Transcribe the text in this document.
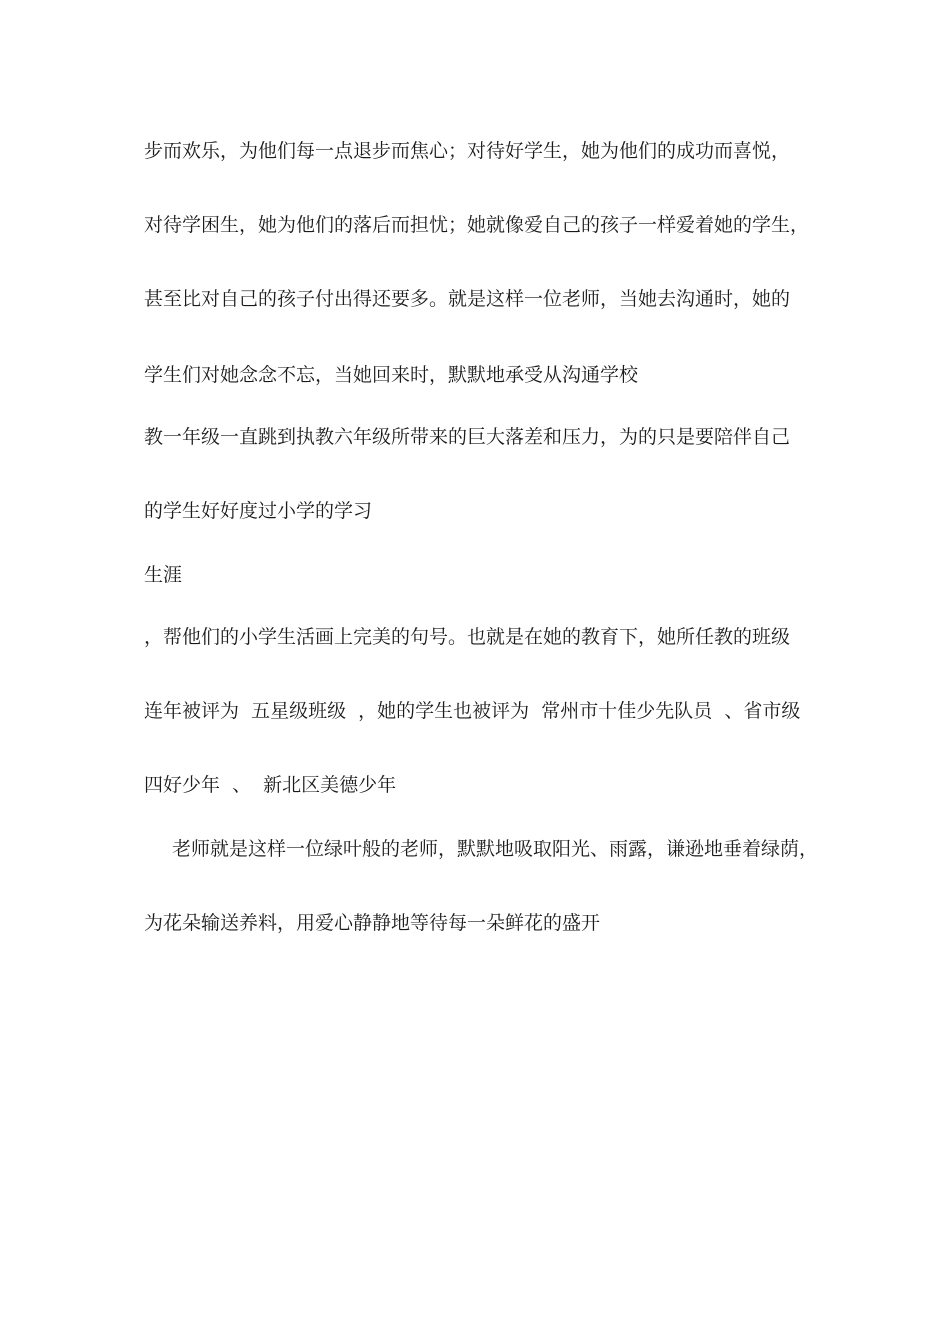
步而欢乐，为他们每一点退步而焦心；对待好学生，她为他们的成功而喜悦，
对待学困生，她为他们的落后而担忧；她就像爱自己的孩子一样爱着她的学生，
甚至比对自己的孩子付出得还要多。就是这样一位老师，当她去沟通时，她的
学生们对她念念不忘，当她回来时，默默地承受从沟通学校
教一年级一直跳到执教六年级所带来的巨大落差和压力，为的只是要陪伴自己
的学生好好度过小学的学习
生涯
，帮他们的小学生活画上完美的句号。也就是在她的教育下，她所任教的班级
连年被评为  五星级班级  ，她的学生也被评为  常州市十佳少先队员  、省市级
四好少年  、  新北区美德少年
老师就是这样一位绿叶般的老师，默默地吸取阳光、雨露，谦逊地垂着绿荫，
为花朵输送养料，用爱心静静地等待每一朵鲜花的盛开
